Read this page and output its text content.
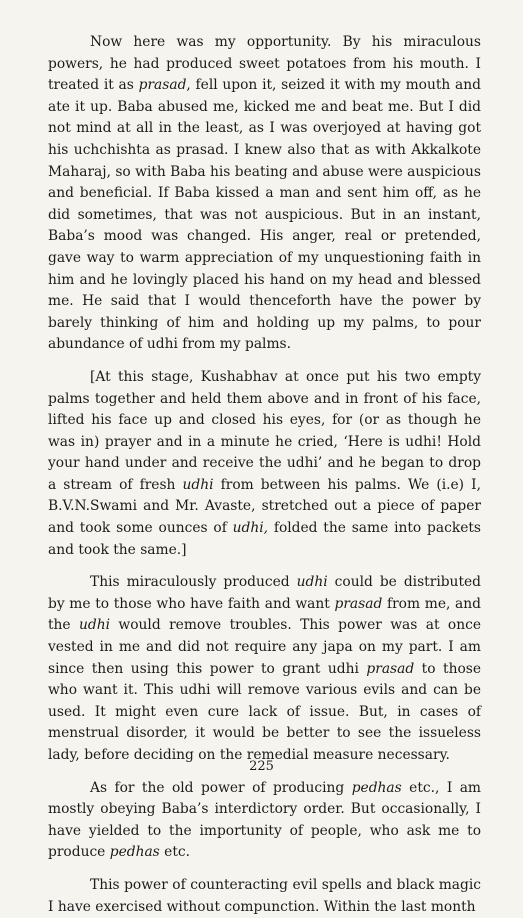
Now here was my opportunity. By his miraculous powers, he had produced sweet potatoes from his mouth. I treated it as prasad, fell upon it, seized it with my mouth and ate it up. Baba abused me, kicked me and beat me. But I did not mind at all in the least, as I was overjoyed at having got his uchchishta as prasad. I knew also that as with Akkalkote Maharaj, so with Baba his beating and abuse were auspicious and beneficial. If Baba kissed a man and sent him off, as he did sometimes, that was not auspicious. But in an instant, Baba’s mood was changed. His anger, real or pretended, gave way to warm appreciation of my unquestioning faith in him and he lovingly placed his hand on my head and blessed me. He said that I would thenceforth have the power by barely thinking of him and holding up my palms, to pour abundance of udhi from my palms.

[At this stage, Kushabhav at once put his two empty palms together and held them above and in front of his face, lifted his face up and closed his eyes, for (or as though he was in) prayer and in a minute he cried, ‘Here is udhi! Hold your hand under and receive the udhi’ and he began to drop a stream of fresh udhi from between his palms. We (i.e) I, B.V.N.Swami and Mr. Avaste, stretched out a piece of paper and took some ounces of udhi, folded the same into packets and took the same.]

This miraculously produced udhi could be distributed by me to those who have faith and want prasad from me, and the udhi would remove troubles. This power was at once vested in me and did not require any japa on my part. I am since then using this power to grant udhi prasad to those who want it. This udhi will remove various evils and can be used. It might even cure lack of issue. But, in cases of menstrual disorder, it would be better to see the issueless lady, before deciding on the remedial measure necessary.

As for the old power of producing pedhas etc., I am mostly obeying Baba’s interdictory order. But occasionally, I have yielded to the importunity of people, who ask me to produce pedhas etc.

This power of counteracting evil spells and black magic I have exercised without compunction. Within the last month

225
